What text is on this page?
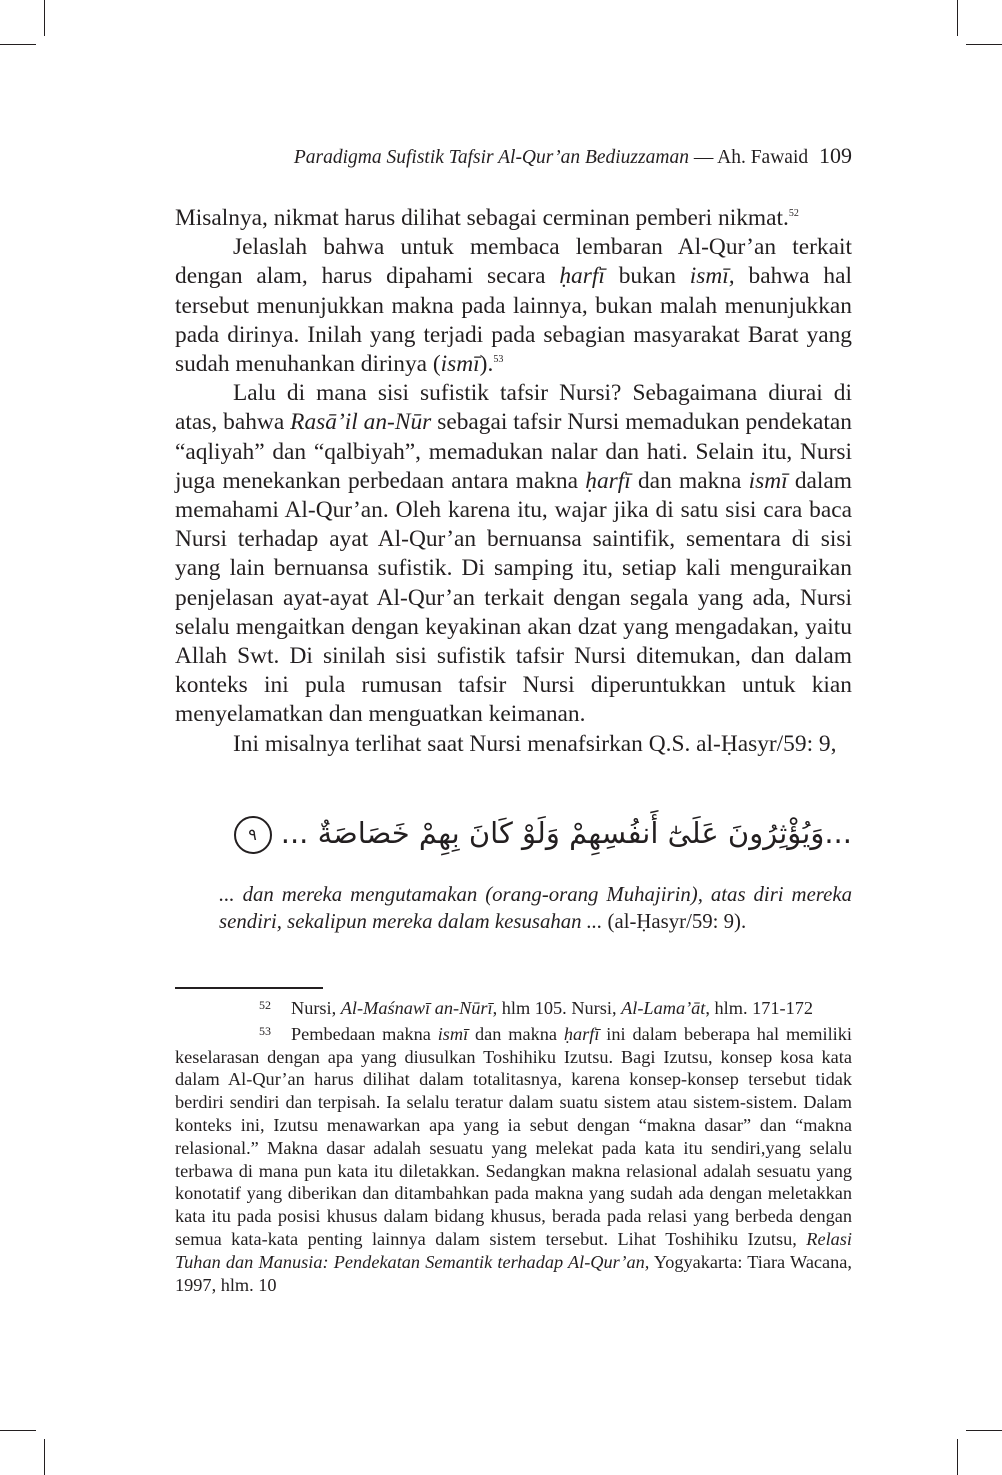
Paradigma Sufistik Tafsir Al-Qur’an Bediuzzaman — Ah. Fawaid 109

Misalnya, nikmat harus dilihat sebagai cerminan pemberi nikmat.$^{52}$

Jelaslah bahwa untuk membaca lembaran Al-Qur’an terkait dengan alam, harus dipahami secara ḥarfī bukan ismī, bahwa hal tersebut menunjukkan makna pada lainnya, bukan malah menunjukkan pada dirinya. Inilah yang terjadi pada sebagian masyarakat Barat yang sudah menuhankan dirinya (ismī).$^{53}$

Lalu di mana sisi sufistik tafsir Nursi? Sebagaimana diurai di atas, bahwa Rasā’il an-Nūr sebagai tafsir Nursi memadukan pendekatan “aqliyah” dan “qalbiyah”, memadukan nalar dan hati. Selain itu, Nursi juga menekankan perbedaan antara makna ḥarfī dan makna ismī dalam memahami Al-Qur’an. Oleh karena itu, wajar jika di satu sisi cara baca Nursi terhadap ayat Al-Qur’an bernuansa saintifik, sementara di sisi yang lain bernuansa sufistik. Di samping itu, setiap kali menguraikan penjelasan ayat-ayat Al-Qur’an terkait dengan segala yang ada, Nursi selalu mengaitkan dengan keyakinan akan dzat yang mengadakan, yaitu Allah Swt. Di sinilah sisi sufistik tafsir Nursi ditemukan, dan dalam konteks ini pula rumusan tafsir Nursi diperuntukkan untuk kian menyelamatkan dan menguatkan keimanan.

Ini misalnya terlihat saat Nursi menafsirkan Q.S. al-Ḥasyr/59: 9,

...وَيُؤْثِرُونَ عَلَىٰٓ أَنفُسِهِمْ وَلَوْ كَانَ بِهِمْ خَصَاصَةٌ ... ٩
... dan mereka mengutamakan (orang-orang Muhajirin), atas diri mereka sendiri, sekalipun mereka dalam kesusahan ... (al-Ḥasyr/59: 9).

52 Nursi, Al-Maśnawī an-Nūrī, hlm 105. Nursi, Al-Lama’āt, hlm. 171-172

53 Pembedaan makna ismī dan makna ḥarfī ini dalam beberapa hal memiliki keselarasan dengan apa yang diusulkan Toshihiku Izutsu. Bagi Izutsu, konsep kosa kata dalam Al-Qur’an harus dilihat dalam totalitasnya, karena konsep-konsep tersebut tidak berdiri sendiri dan terpisah. Ia selalu teratur dalam suatu sistem atau sistem-sistem. Dalam konteks ini, Izutsu menawarkan apa yang ia sebut dengan “makna dasar” dan “makna relasional.” Makna dasar adalah sesuatu yang melekat pada kata itu sendiri,yang selalu terbawa di mana pun kata itu diletakkan. Sedangkan makna relasional adalah sesuatu yang konotatif yang diberikan dan ditambahkan pada makna yang sudah ada dengan meletakkan kata itu pada posisi khusus dalam bidang khusus, berada pada relasi yang berbeda dengan semua kata-kata penting lainnya dalam sistem tersebut. Lihat Toshihiku Izutsu, Relasi Tuhan dan Manusia: Pendekatan Semantik terhadap Al-Qur’an, Yogyakarta: Tiara Wacana, 1997, hlm. 10
